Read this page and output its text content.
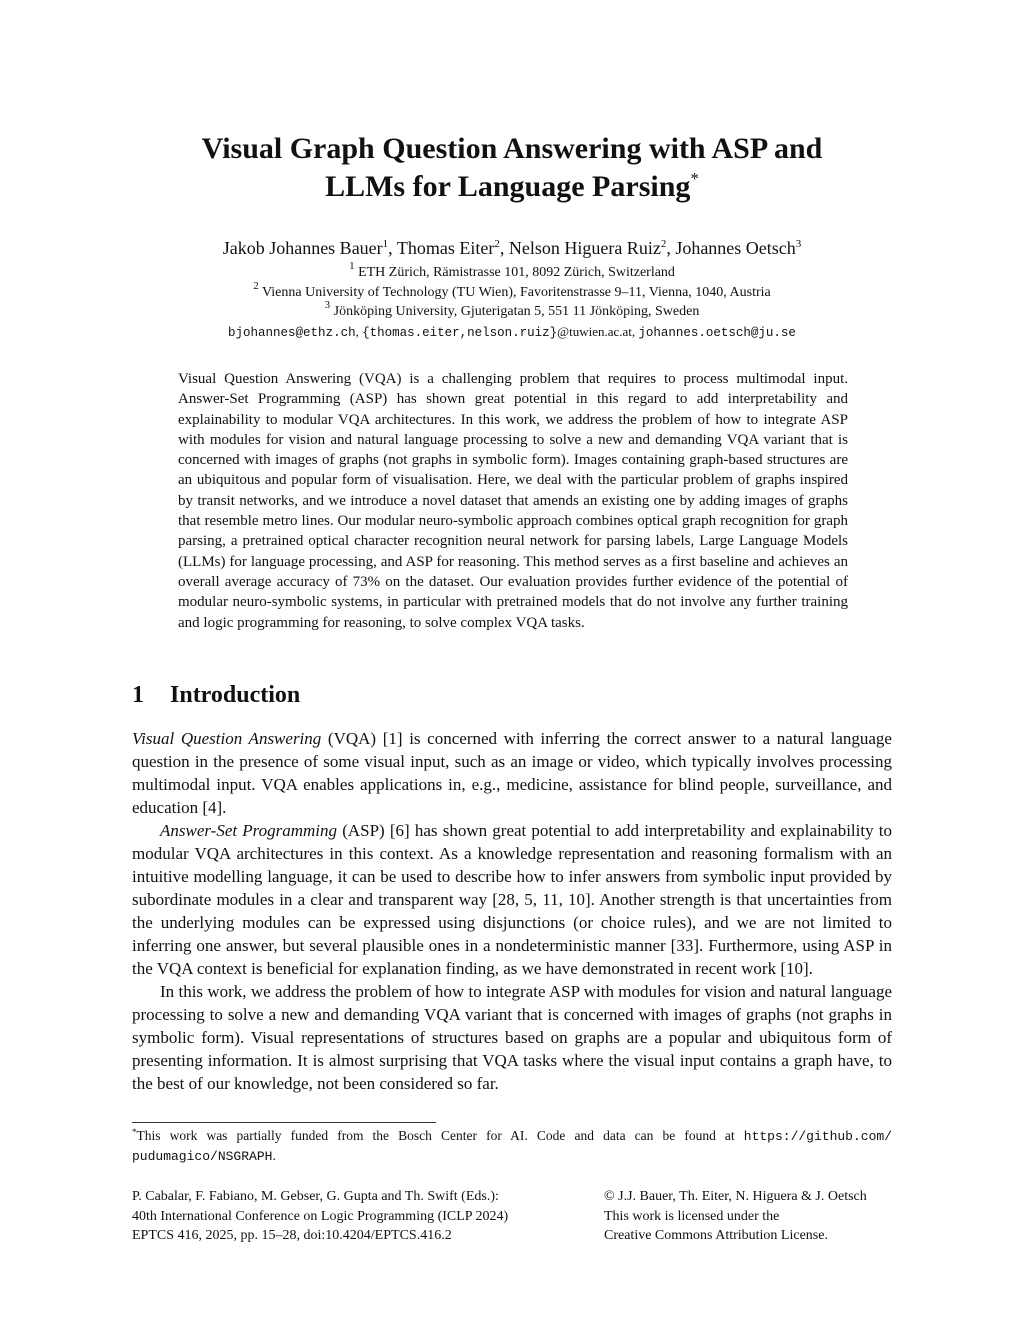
Visual Graph Question Answering with ASP and
LLMs for Language Parsing*
Jakob Johannes Bauer$^1$, Thomas Eiter$^2$, Nelson Higuera Ruiz$^2$, Johannes Oetsch$^3$
$^1$ ETH Zürich, Rämistrasse 101, 8092 Zürich, Switzerland
$^2$ Vienna University of Technology (TU Wien), Favoritenstrasse 9–11, Vienna, 1040, Austria
$^3$ Jönköping University, Gjuterigatan 5, 551 11 Jönköping, Sweden
bjohannes@ethz.ch, {thomas.eiter,nelson.ruiz}@tuwien.ac.at, johannes.oetsch@ju.se
Visual Question Answering (VQA) is a challenging problem that requires to process multimodal input. Answer-Set Programming (ASP) has shown great potential in this regard to add interpretability and explainability to modular VQA architectures. In this work, we address the problem of how to integrate ASP with modules for vision and natural language processing to solve a new and demanding VQA variant that is concerned with images of graphs (not graphs in symbolic form). Images containing graph-based structures are an ubiquitous and popular form of visualisation. Here, we deal with the particular problem of graphs inspired by transit networks, and we introduce a novel dataset that amends an existing one by adding images of graphs that resemble metro lines. Our modular neuro-symbolic approach combines optical graph recognition for graph parsing, a pretrained optical character recognition neural network for parsing labels, Large Language Models (LLMs) for language processing, and ASP for reasoning. This method serves as a first baseline and achieves an overall average accuracy of 73% on the dataset. Our evaluation provides further evidence of the potential of modular neuro-symbolic systems, in particular with pretrained models that do not involve any further training and logic programming for reasoning, to solve complex VQA tasks.
1 Introduction

Visual Question Answering (VQA) [1] is concerned with inferring the correct answer to a natural language question in the presence of some visual input, such as an image or video, which typically involves processing multimodal input. VQA enables applications in, e.g., medicine, assistance for blind people, surveillance, and education [4].

Answer-Set Programming (ASP) [6] has shown great potential to add interpretability and explainability to modular VQA architectures in this context. As a knowledge representation and reasoning formalism with an intuitive modelling language, it can be used to describe how to infer answers from symbolic input provided by subordinate modules in a clear and transparent way [28, 5, 11, 10]. Another strength is that uncertainties from the underlying modules can be expressed using disjunctions (or choice rules), and we are not limited to inferring one answer, but several plausible ones in a nondeterministic manner [33]. Furthermore, using ASP in the VQA context is beneficial for explanation finding, as we have demonstrated in recent work [10].

In this work, we address the problem of how to integrate ASP with modules for vision and natural language processing to solve a new and demanding VQA variant that is concerned with images of graphs (not graphs in symbolic form). Visual representations of structures based on graphs are a popular and ubiquitous form of presenting information. It is almost surprising that VQA tasks where the visual input contains a graph have, to the best of our knowledge, not been considered so far.

*This work was partially funded from the Bosch Center for AI. Code and data can be found at https://github.com/ pudumagico/NSGRAPH.
P. Cabalar, F. Fabiano, M. Gebser, G. Gupta and Th. Swift (Eds.):
40th International Conference on Logic Programming (ICLP 2024)
EPTCS 416, 2025, pp. 15–28, doi:10.4204/EPTCS.416.2
© J.J. Bauer, Th. Eiter, N. Higuera & J. Oetsch
This work is licensed under the
Creative Commons Attribution License.
